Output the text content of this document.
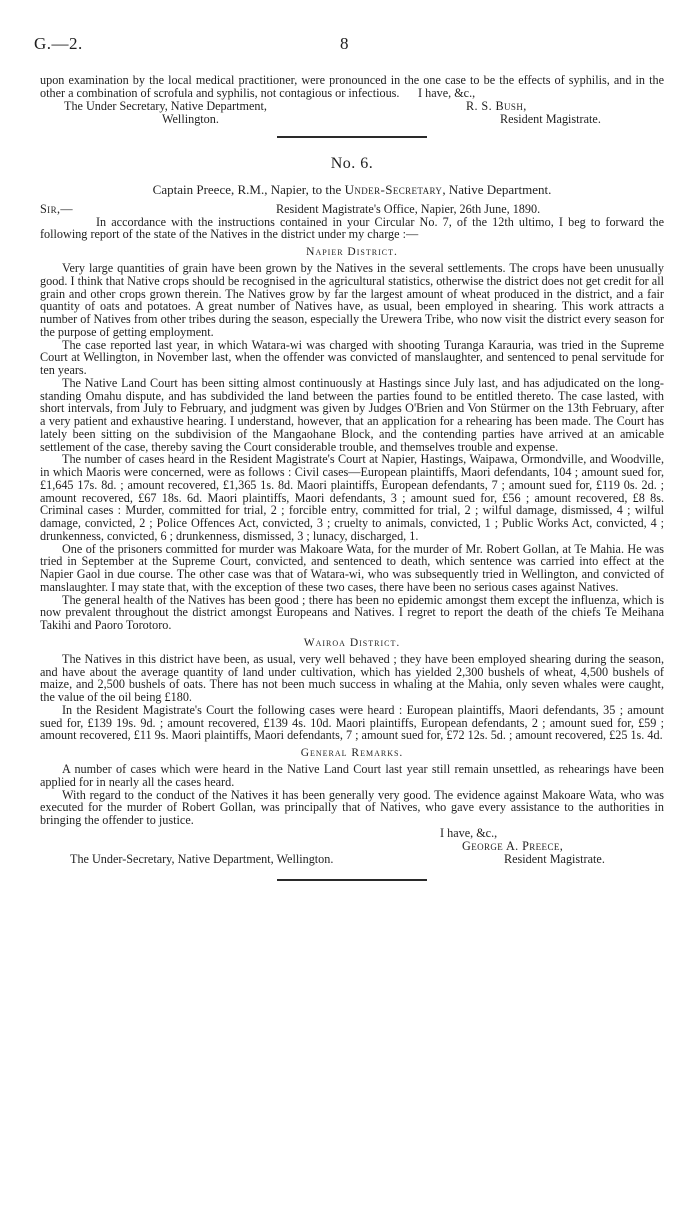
G.—2.	8

upon examination by the local medical practitioner, were pronounced in the one case to be the effects of syphilis, and in the other a combination of scrofula and syphilis, not contagious or infectious.	I have, &c.,
The Under Secretary, Native Department,	R. S. Bush,
Wellington.	Resident Magistrate.
No. 6.
Captain Preece, R.M., Napier, to the Under-Secretary, Native Department.
Sir,—	Resident Magistrate's Office, Napier, 26th June, 1890.

In accordance with the instructions contained in your Circular No. 7, of the 12th ultimo, I beg to forward the following report of the state of the Natives in the district under my charge :—

Napier District.

Very large quantities of grain have been grown by the Natives in the several settlements. The crops have been unusually good. I think that Native crops should be recognised in the agricultural statistics, otherwise the district does not get credit for all grain and other crops grown therein. The Natives grow by far the largest amount of wheat produced in the district, and a fair quantity of oats and potatoes. A great number of Natives have, as usual, been employed in shearing. This work attracts a number of Natives from other tribes during the season, especially the Urewera Tribe, who now visit the district every season for the purpose of getting employment.

The case reported last year, in which Watara-wi was charged with shooting Turanga Karauria, was tried in the Supreme Court at Wellington, in November last, when the offender was convicted of manslaughter, and sentenced to penal servitude for ten years.

The Native Land Court has been sitting almost continuously at Hastings since July last, and has adjudicated on the long-standing Omahu dispute, and has subdivided the land between the parties found to be entitled thereto. The case lasted, with short intervals, from July to February, and judgment was given by Judges O'Brien and Von Stürmer on the 13th February, after a very patient and exhaustive hearing. I understand, however, that an application for a rehearing has been made. The Court has lately been sitting on the subdivision of the Mangaohane Block, and the contending parties have arrived at an amicable settlement of the case, thereby saving the Court considerable trouble, and themselves trouble and expense.

The number of cases heard in the Resident Magistrate's Court at Napier, Hastings, Waipawa, Ormondville, and Woodville, in which Maoris were concerned, were as follows : Civil cases—European plaintiffs, Maori defendants, 104 ; amount sued for, £1,645 17s. 8d. ; amount recovered, £1,365 1s. 8d. Maori plaintiffs, European defendants, 7 ; amount sued for, £119 0s. 2d. ; amount recovered, £67 18s. 6d. Maori plaintiffs, Maori defendants, 3 ; amount sued for, £56 ; amount recovered, £8 8s. Criminal cases : Murder, committed for trial, 2 ; forcible entry, committed for trial, 2 ; wilful damage, dismissed, 4 ; wilful damage, convicted, 2 ; Police Offences Act, convicted, 3 ; cruelty to animals, convicted, 1 ; Public Works Act, convicted, 4 ; drunkenness, convicted, 6 ; drunkenness, dismissed, 3 ; lunacy, discharged, 1.

One of the prisoners committed for murder was Makoare Wata, for the murder of Mr. Robert Gollan, at Te Mahia. He was tried in September at the Supreme Court, convicted, and sentenced to death, which sentence was carried into effect at the Napier Gaol in due course. The other case was that of Watara-wi, who was subsequently tried in Wellington, and convicted of manslaughter. I may state that, with the exception of these two cases, there have been no serious cases against Natives.

The general health of the Natives has been good ; there has been no epidemic amongst them except the influenza, which is now prevalent throughout the district amongst Europeans and Natives. I regret to report the death of the chiefs Te Meihana Takihi and Paoro Torotoro.

Wairoa District.

The Natives in this district have been, as usual, very well behaved ; they have been employed shearing during the season, and have about the average quantity of land under cultivation, which has yielded 2,300 bushels of wheat, 4,500 bushels of maize, and 2,500 bushels of oats. There has not been much success in whaling at the Mahia, only seven whales were caught, the value of the oil being £180.

In the Resident Magistrate's Court the following cases were heard : European plaintiffs, Maori defendants, 35 ; amount sued for, £139 19s. 9d. ; amount recovered, £139 4s. 10d. Maori plaintiffs, European defendants, 2 ; amount sued for, £59 ; amount recovered, £11 9s. Maori plaintiffs, Maori defendants, 7 ; amount sued for, £72 12s. 5d. ; amount recovered, £25 1s. 4d.

General Remarks.

A number of cases which were heard in the Native Land Court last year still remain unsettled, as rehearings have been applied for in nearly all the cases heard.

With regard to the conduct of the Natives it has been generally very good. The evidence against Makoare Wata, who was executed for the murder of Robert Gollan, was principally that of Natives, who gave every assistance to the authorities in bringing the offender to justice.

I have, &c.,
George A. Preece,
The Under-Secretary, Native Department, Wellington.	Resident Magistrate.
